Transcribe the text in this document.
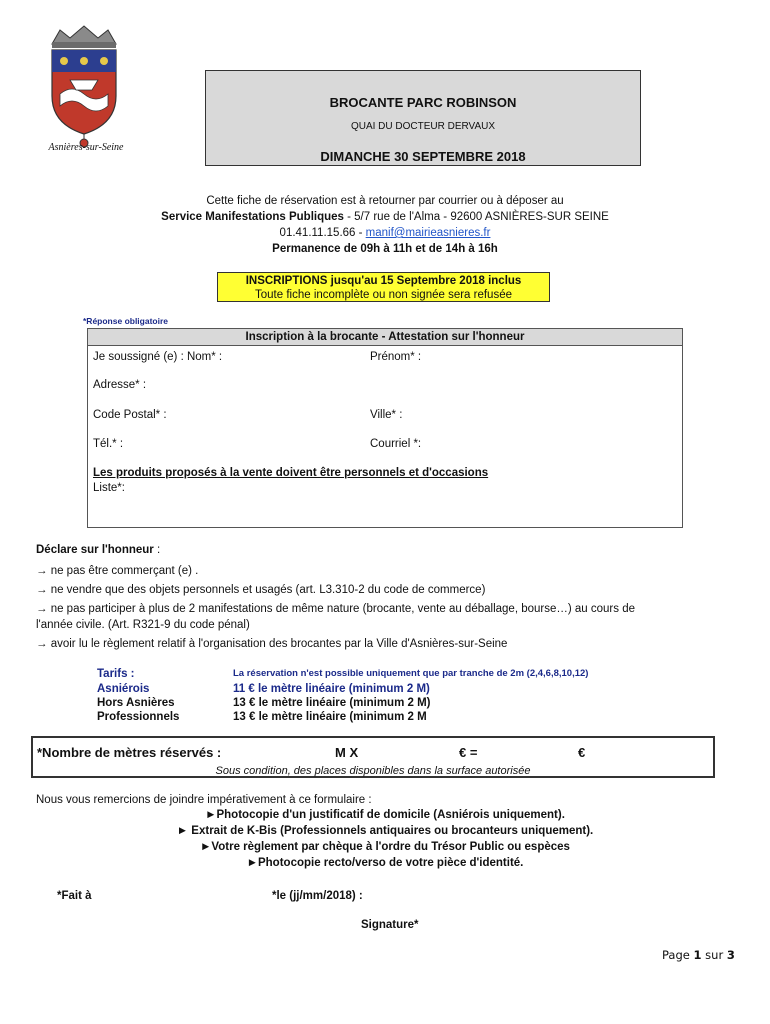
Asnières-sur-Seine
BROCANTE PARC ROBINSON
QUAI DU DOCTEUR DERVAUX
DIMANCHE 30 SEPTEMBRE 2018
Cette fiche de réservation est à retourner par courrier ou à déposer au
Service Manifestations Publiques - 5/7 rue de l'Alma - 92600 ASNIÈRES-SUR SEINE
01.41.11.15.66 - manif@mairieasnieres.fr
Permanence de 09h à 11h et de 14h à 16h
INSCRIPTIONS jusqu'au 15 Septembre 2018 inclus
Toute fiche incomplète ou non signée sera refusée
*Réponse obligatoire
Inscription à la brocante - Attestation sur l'honneur
Je soussigné (e) : Nom* :	Prénom* :
Adresse* :
Code Postal* :	Ville* :
Tél.* :	Courriel *:
Les produits proposés à la vente doivent être personnels et d'occasions
Liste*:
Déclare sur l'honneur :
→ ne pas être commerçant (e) .
→ ne vendre que des objets personnels et usagés (art. L3.310-2 du code de commerce)
→ ne pas participer à plus de 2 manifestations de même nature (brocante, vente au déballage, bourse…) au cours de
l'année civile. (Art. R321-9 du code pénal)
→ avoir lu le règlement relatif à l'organisation des brocantes par la Ville d'Asnières-sur-Seine
Tarifs :	La réservation n'est possible uniquement que par tranche de 2m (2,4,6,8,10,12)
Asniérois	11 € le mètre linéaire (minimum 2 M)
Hors Asnières	13 € le mètre linéaire (minimum 2 M)
Professionnels	13 € le mètre linéaire (minimum 2 M
*Nombre de mètres réservés :	M X	€ =	€
Sous condition, des places disponibles dans la surface autorisée
Nous vous remercions de joindre impérativement à ce formulaire :
►Photocopie d'un justificatif de domicile (Asniérois uniquement).
► Extrait de K-Bis (Professionnels antiquaires ou brocanteurs uniquement).
►Votre règlement par chèque à l'ordre du Trésor Public ou espèces
►Photocopie recto/verso de votre pièce d'identité.
*Fait à	*le (jj/mm/2018) :
Signature*
Page 1 sur 3
